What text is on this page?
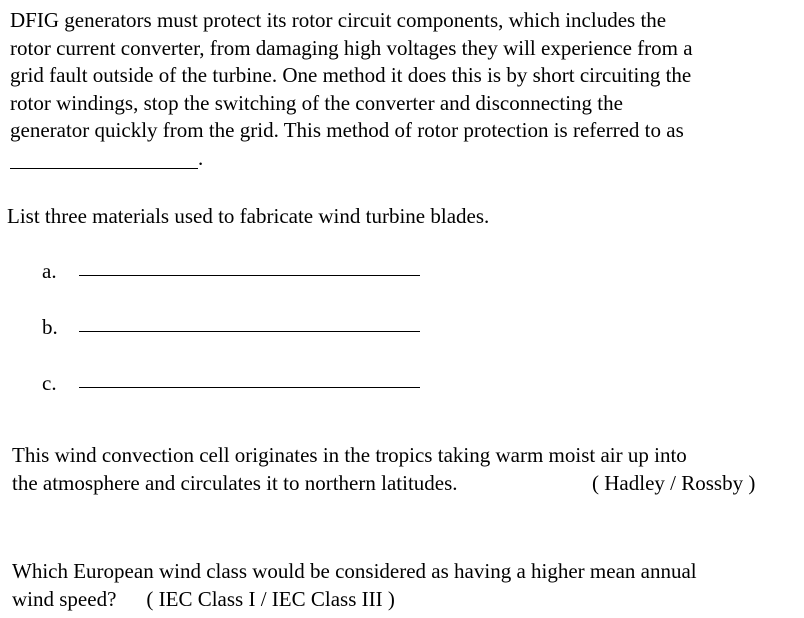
DFIG generators must protect its rotor circuit components, which includes the
rotor current converter, from damaging high voltages they will experience from a
grid fault outside of the turbine. One method it does this is by short circuiting the
rotor windings, stop the switching of the converter and disconnecting the
generator quickly from the grid. This method of rotor protection is referred to as
.
List three materials used to fabricate wind turbine blades.
a.
b.
c.
This wind convection cell originates in the tropics taking warm moist air up into
the atmosphere and circulates it to northern latitudes.	( Hadley / Rossby )
Which European wind class would be considered as having a higher mean annual
wind speed? ( IEC Class I / IEC Class III )
